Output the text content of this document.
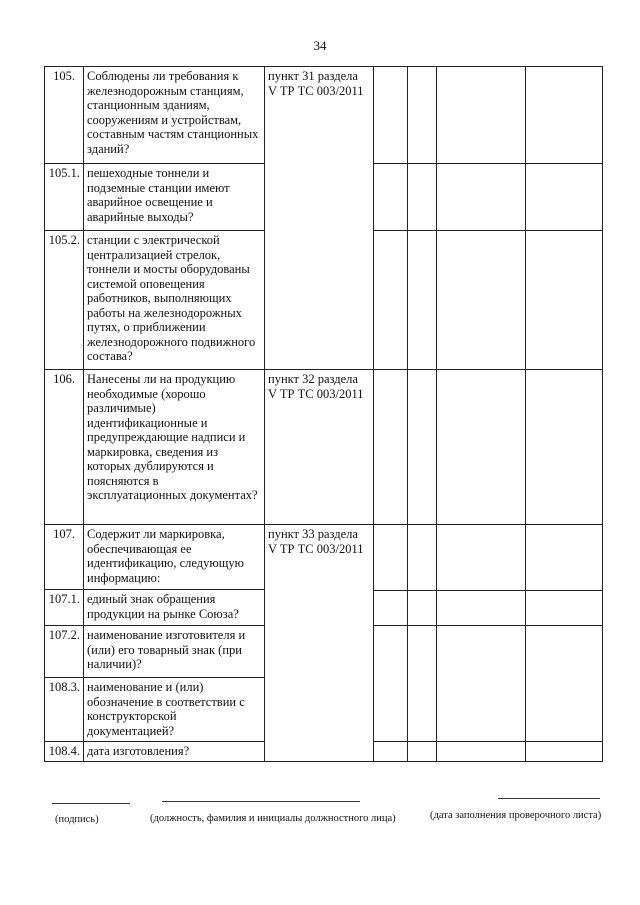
34
105.	Соблюдены ли требования к железнодорожным станциям, станционным зданиям, сооружениям и устройствам, составным частям станционных зданий?	пункт 31 раздела V ТР ТС 003/2011				
105.1.	пешеходные тоннели и подземные станции имеют аварийное освещение и аварийные выходы?					
105.2.	станции с электрической централизацией стрелок, тоннели и мосты оборудованы системой оповещения работников, выполняющих работы на железнодорожных путях, о приближении железнодорожного подвижного состава?					
106.	Нанесены ли на продукцию необходимые (хорошо различимые) идентификационные и предупреждающие надписи и маркировка, сведения из которых дублируются и поясняются в эксплуатационных документах?	пункт 32 раздела V ТР ТС 003/2011				
107.	Содержит ли маркировка, обеспечивающая ее идентификацию, следующую информацию:	пункт 33 раздела V ТР ТС 003/2011	

107.1.	единый знак обращения продукции на рынке Союза?					
107.2.	наименование изготовителя и (или) его товарный знак (при наличии)?		

108.3.	наименование и (или) обозначение в соответствии с конструкторской документацией?					
108.4.	дата изготовления?					
(подпись)	(должность, фамилия и инициалы должностного лица)	(дата заполнения проверочного листа)
